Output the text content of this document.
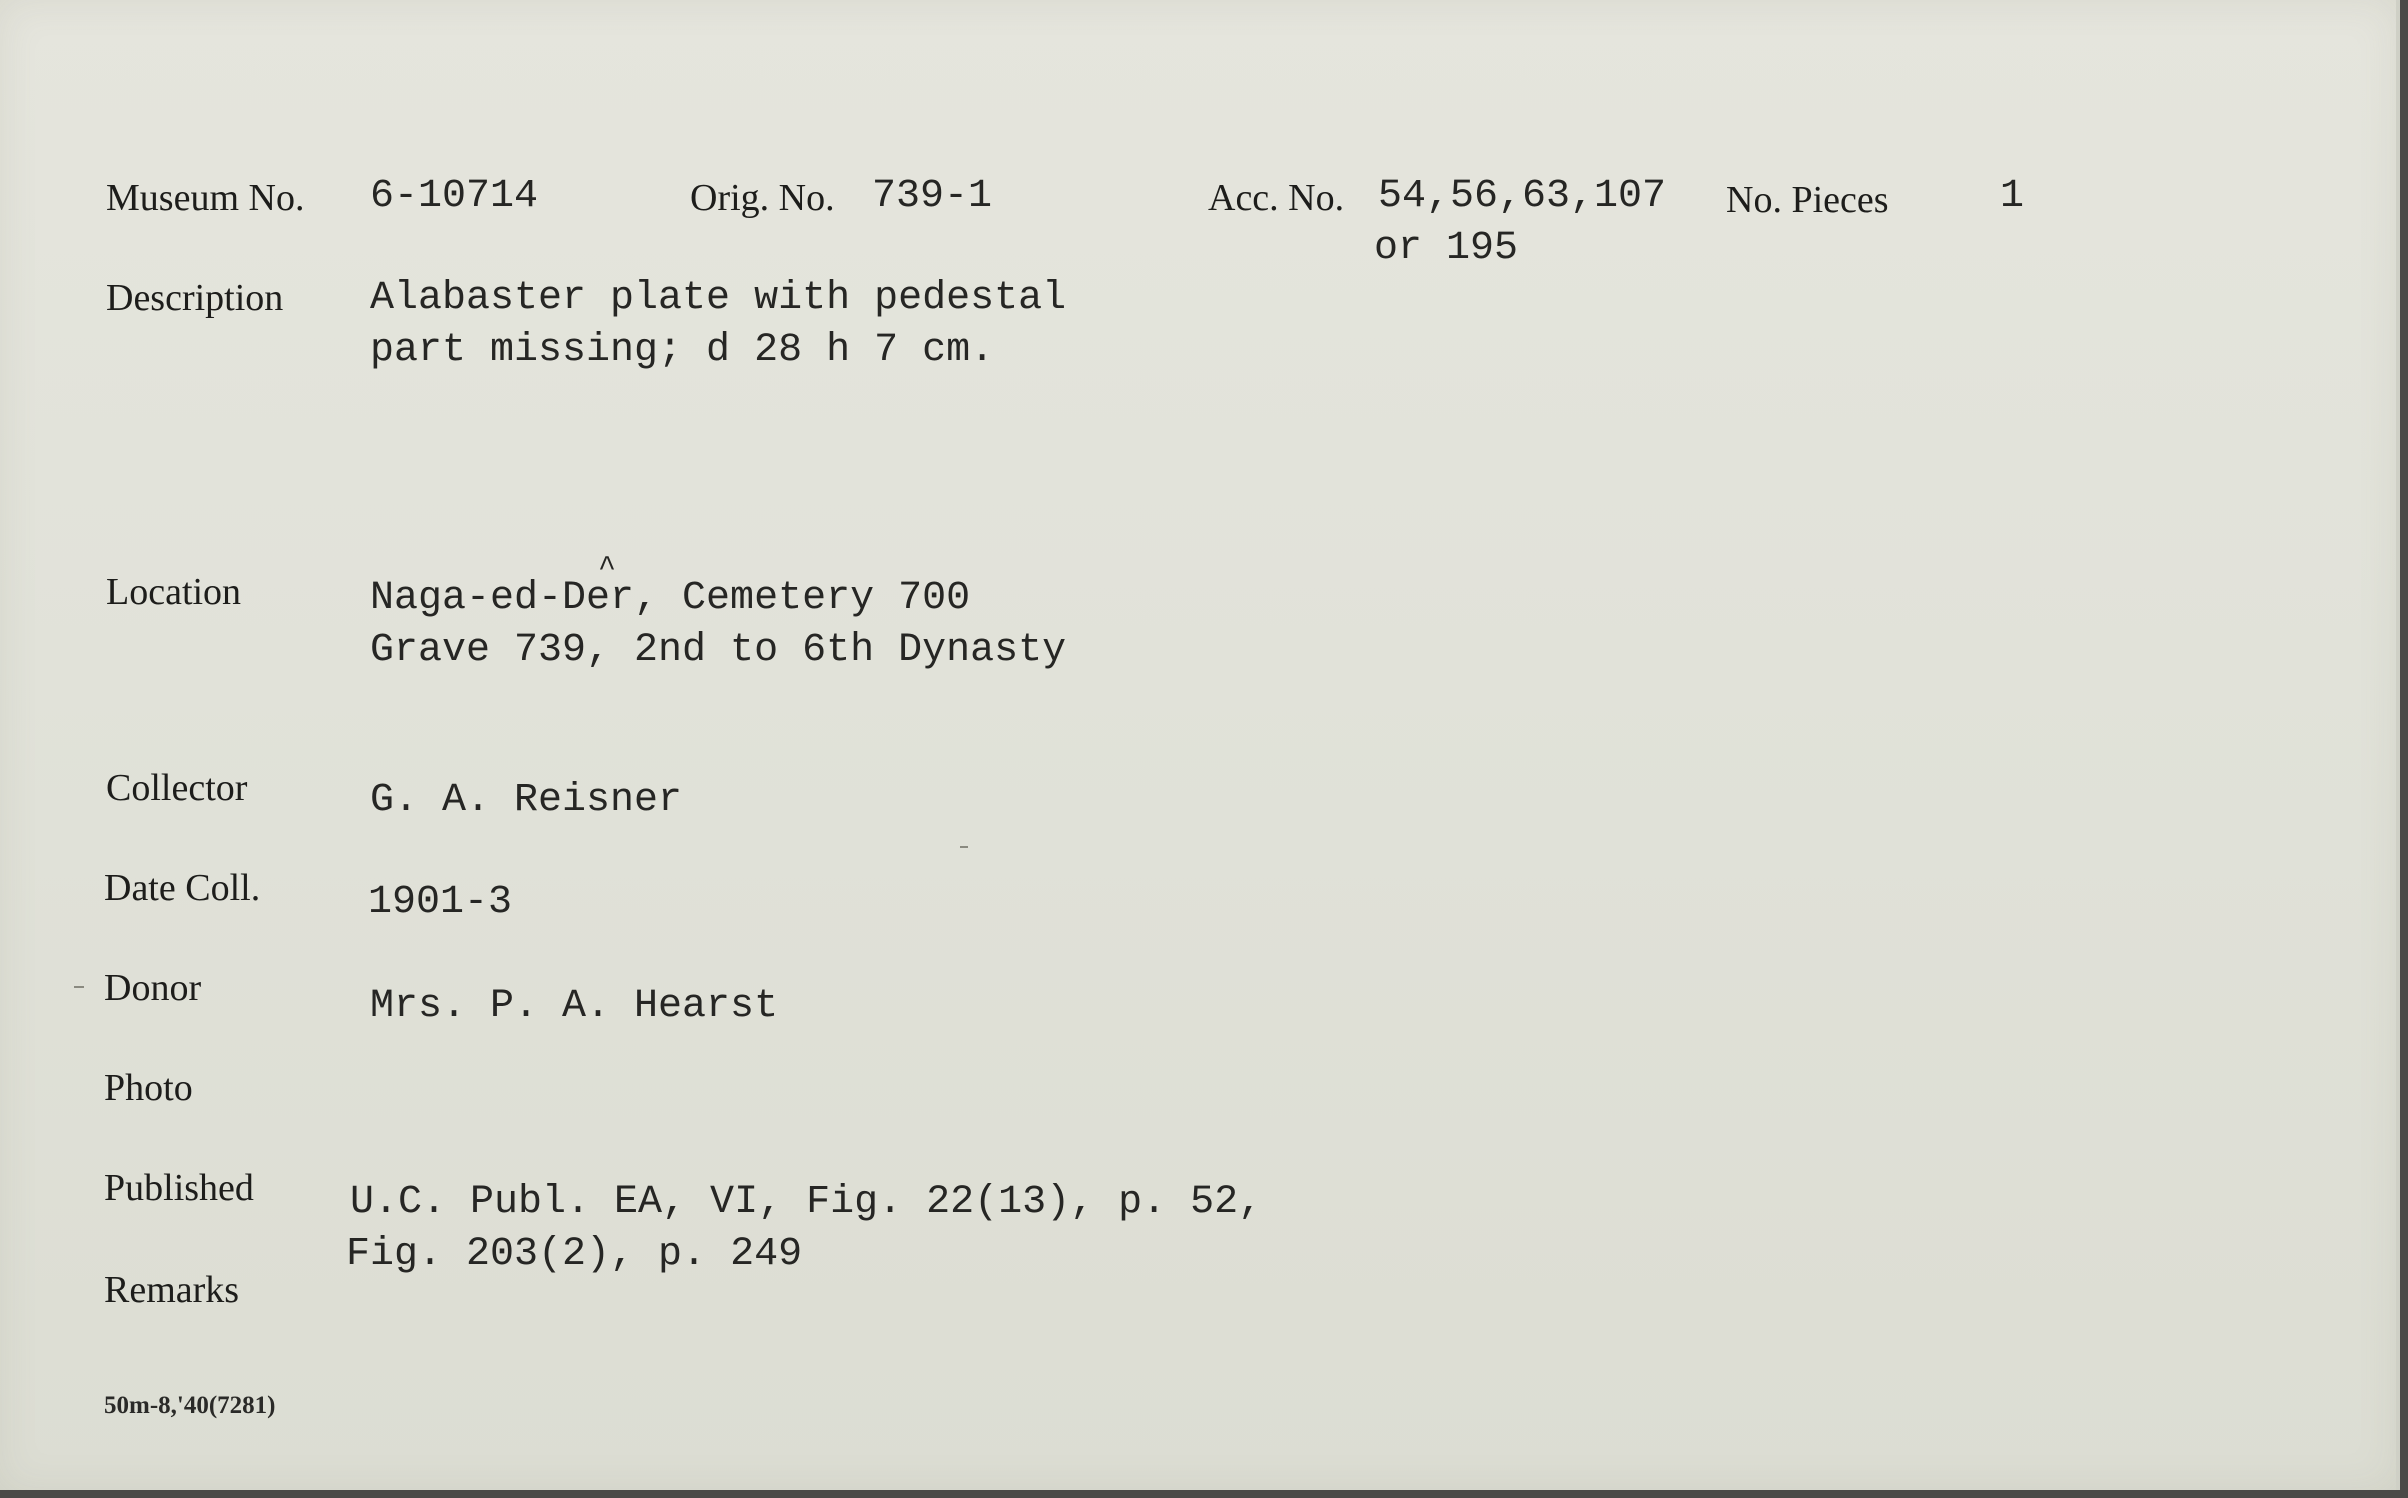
Museum No. 6-10714	Orig. No. 739-1	Acc. No. 54,56,63,107
or 195
No. Pieces	1
Description Alabaster plate with pedestal
part missing; d 28 h 7 cm.
Location	Naga-ed-Der, Cemetery 700
^
Grave 739, 2nd to 6th Dynasty
Collector	G. A. Reisner
Date Coll.	1901-3
Donor	Mrs. P. A. Hearst
Photo
Published U.C. Publ. EA, VI, Fig. 22(13), p. 52,
Fig. 203(2), p. 249
Remarks
50m-8,'40(7281)
